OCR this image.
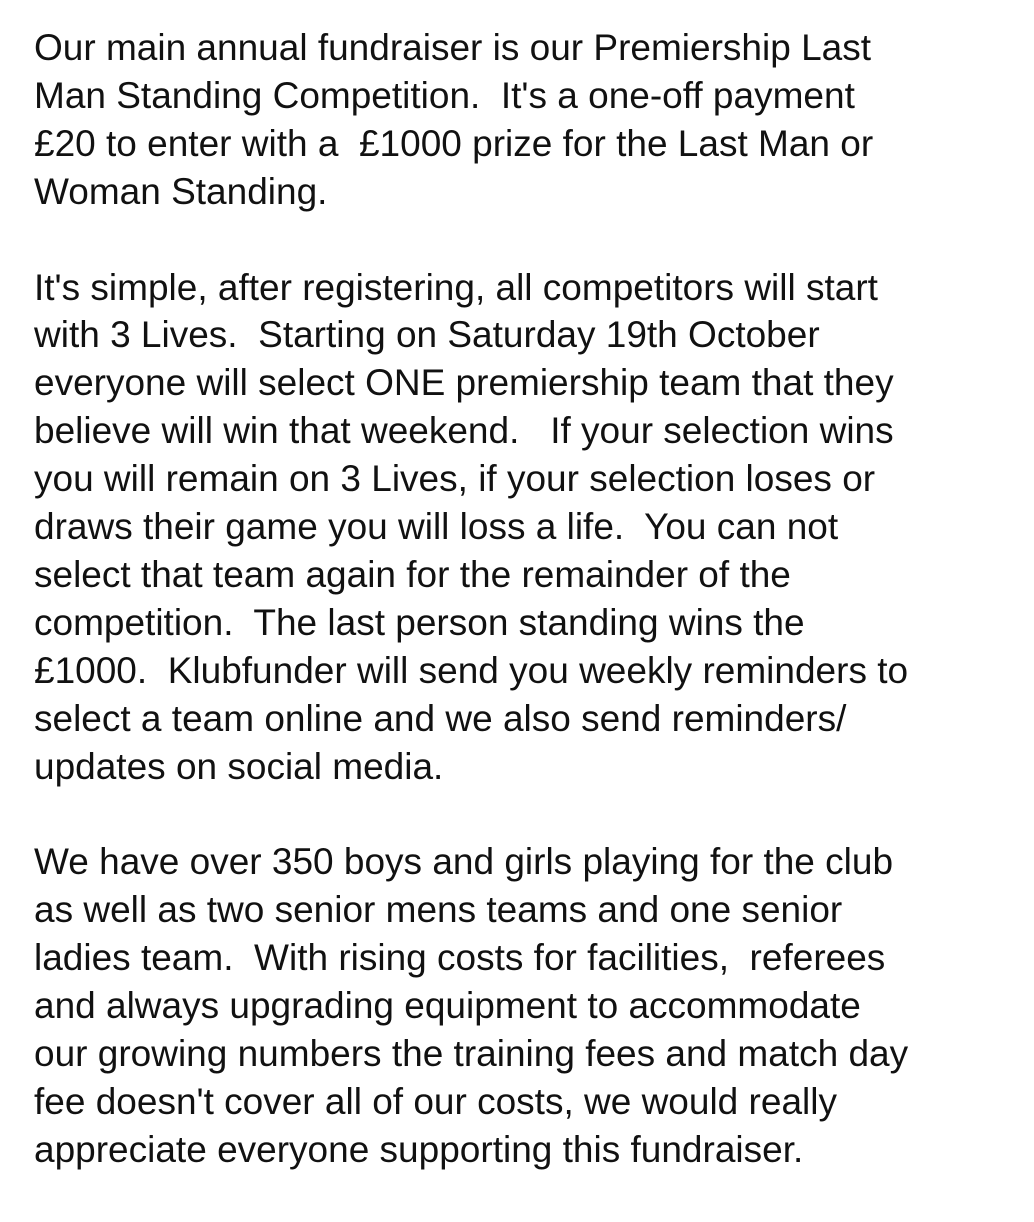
Our main annual fundraiser is our Premiership Last
Man Standing Competition.  It's a one-off payment
£20 to enter with a  £1000 prize for the Last Man or
Woman Standing.

It's simple, after registering, all competitors will start
with 3 Lives.  Starting on Saturday 19th October
everyone will select ONE premiership team that they
believe will win that weekend.   If your selection wins
you will remain on 3 Lives, if your selection loses or
draws their game you will loss a life.  You can not
select that team again for the remainder of the
competition.  The last person standing wins the
£1000.  Klubfunder will send you weekly reminders to
select a team online and we also send reminders/
updates on social media.

We have over 350 boys and girls playing for the club
as well as two senior mens teams and one senior
ladies team.  With rising costs for facilities,  referees
and always upgrading equipment to accommodate
our growing numbers the training fees and match day
fee doesn't cover all of our costs, we would really
appreciate everyone supporting this fundraiser.
